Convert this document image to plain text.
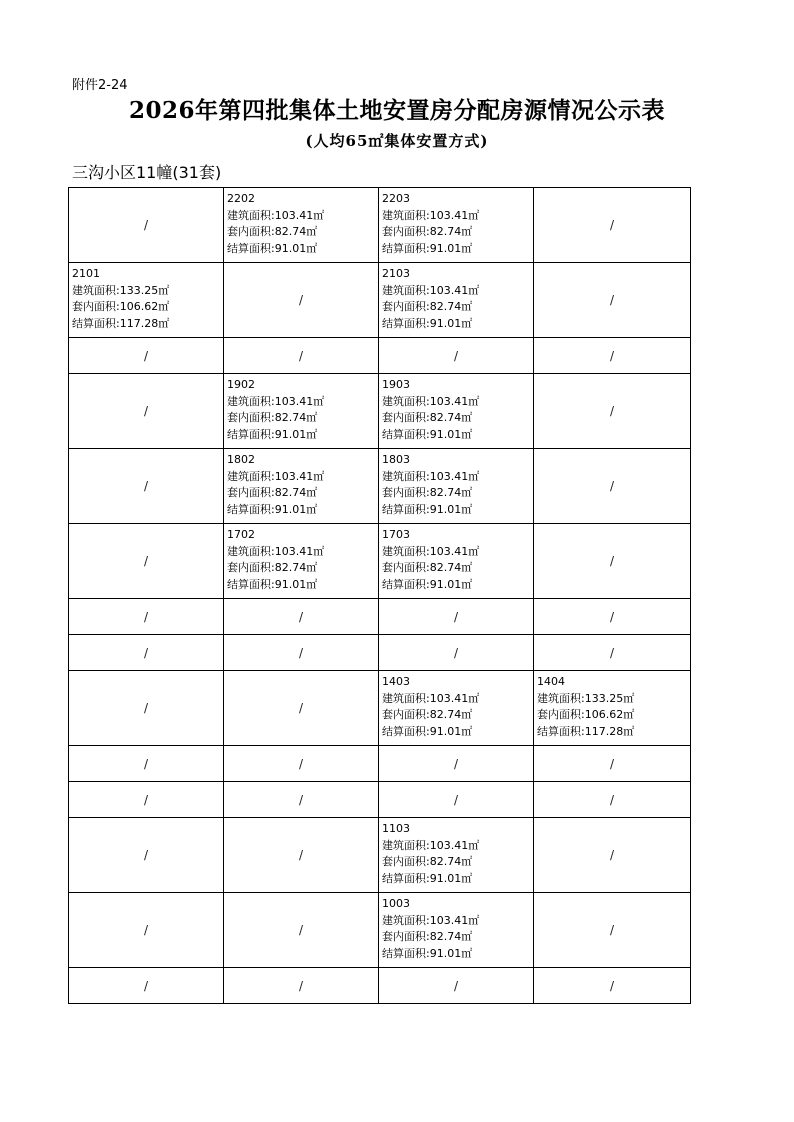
附件2-24
2026年第四批集体土地安置房分配房源情况公示表
(人均65㎡集体安置方式)
三沟小区11幢(31套)
/	2202
建筑面积:103.41㎡
套内面积:82.74㎡
结算面积:91.01㎡	2203
建筑面积:103.41㎡
套内面积:82.74㎡
结算面积:91.01㎡	/

2101
建筑面积:133.25㎡
套内面积:106.62㎡
结算面积:117.28㎡	/	2103
建筑面积:103.41㎡
套内面积:82.74㎡
结算面积:91.01㎡	/
/	/	/	/
/	1902
建筑面积:103.41㎡
套内面积:82.74㎡
结算面积:91.01㎡	1903
建筑面积:103.41㎡
套内面积:82.74㎡
结算面积:91.01㎡	/
/	1802
建筑面积:103.41㎡
套内面积:82.74㎡
结算面积:91.01㎡	1803
建筑面积:103.41㎡
套内面积:82.74㎡
结算面积:91.01㎡	/
/	1702
建筑面积:103.41㎡
套内面积:82.74㎡
结算面积:91.01㎡	1703
建筑面积:103.41㎡
套内面积:82.74㎡
结算面积:91.01㎡	/
/	/	/	/
/	/	/	/
/	/	1403
建筑面积:103.41㎡
套内面积:82.74㎡
结算面积:91.01㎡	1404
建筑面积:133.25㎡
套内面积:106.62㎡
结算面积:117.28㎡

/	/	/	/
/	/	/	/
/	/	1103
建筑面积:103.41㎡
套内面积:82.74㎡
结算面积:91.01㎡	/
/	/	1003
建筑面积:103.41㎡
套内面积:82.74㎡
结算面积:91.01㎡	/
/	/	/	/
